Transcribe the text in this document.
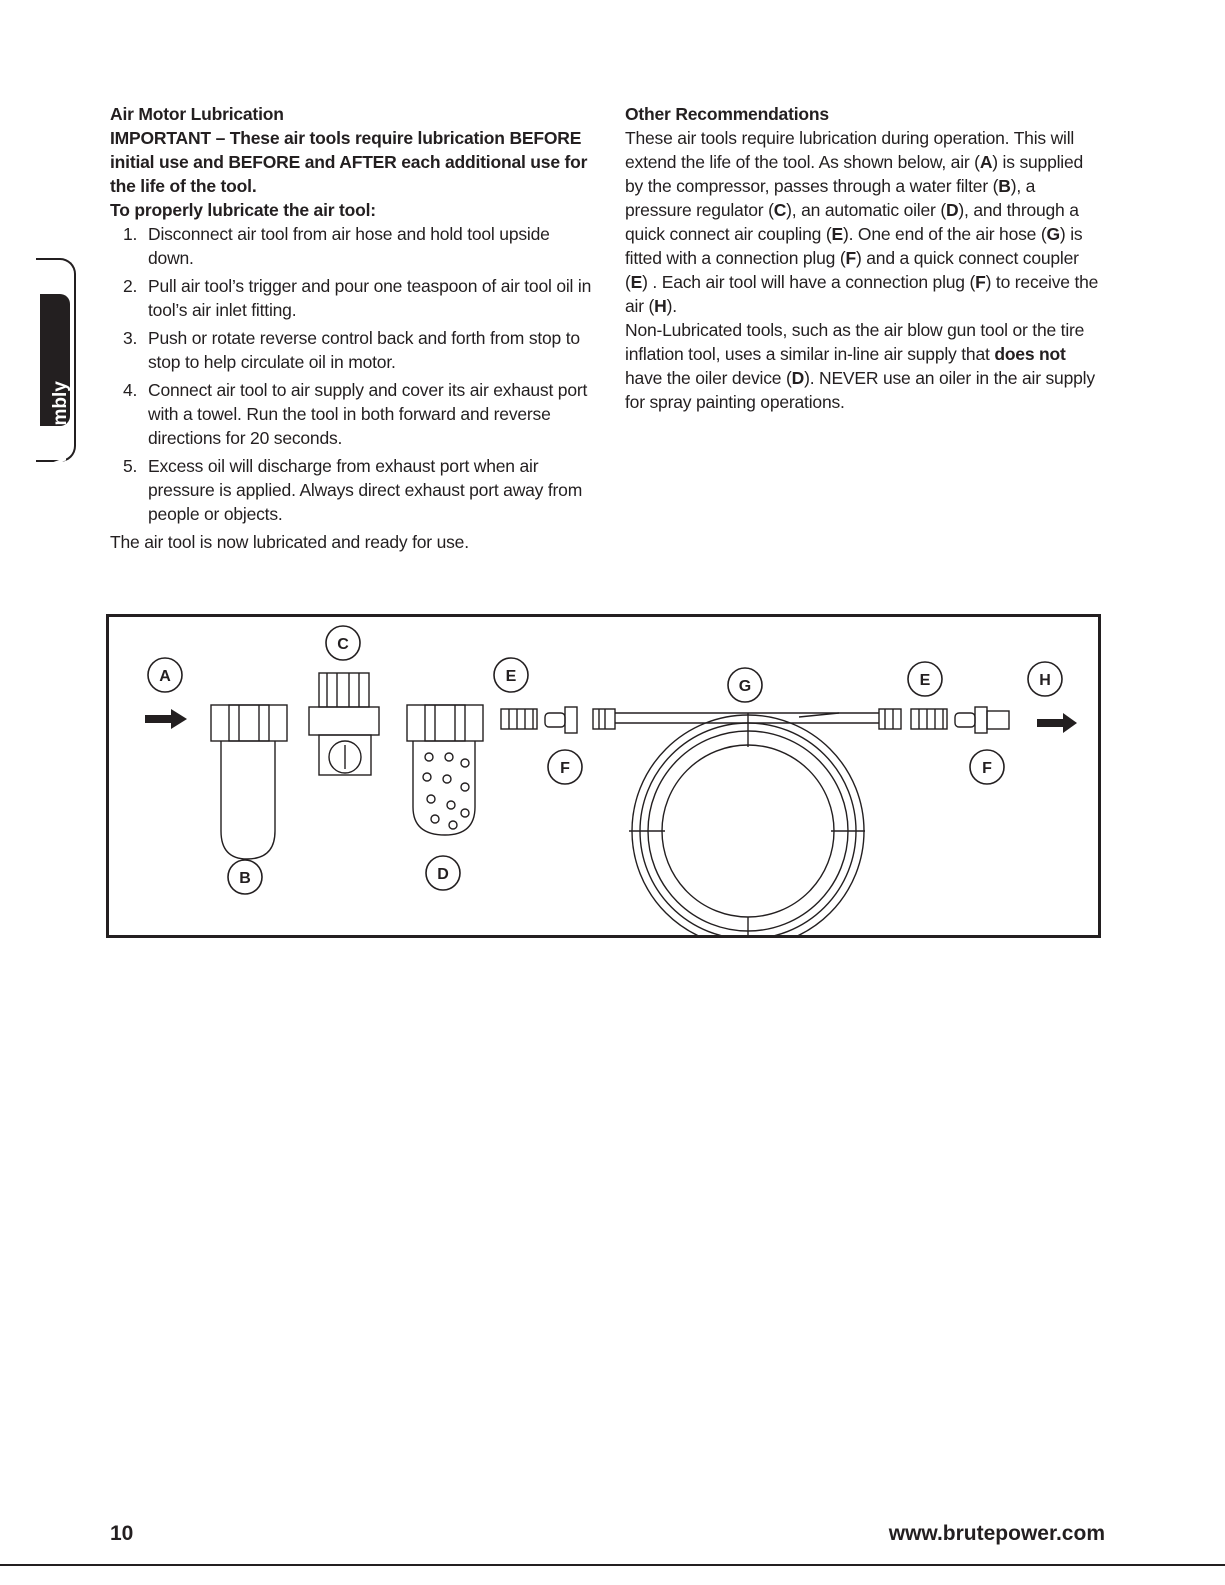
Assembly

Air Motor Lubrication

IMPORTANT – These air tools require lubrication BEFORE initial use and BEFORE and AFTER each additional use for the life of the tool.

To properly lubricate the air tool:

1. Disconnect air tool from air hose and hold tool upside down.
2. Pull air tool’s trigger and pour one teaspoon of air tool oil in tool’s air inlet fitting.
3. Push or rotate reverse control back and forth from stop to stop to help circulate oil in motor.
4. Connect air tool to air supply and cover its air exhaust port with a towel. Run the tool in both forward and reverse directions for 20 seconds.
5. Excess oil will discharge from exhaust port when air pressure is applied. Always direct exhaust port away from people or objects.

The air tool is now lubricated and ready for use.

Other Recommendations

These air tools require lubrication during operation. This will extend the life of the tool. As shown below, air (A) is supplied by the compressor, passes through a water filter (B), a pressure regulator (C), an automatic oiler (D), and through a quick connect air coupling (E). One end of the air hose (G) is fitted with a connection plug (F) and a quick connect coupler (E) . Each air tool will have a connection plug (F) to receive the air (H).

Non-Lubricated tools, such as the air blow gun tool or the tire inflation tool, uses a similar in-line air supply that does not have the oiler device (D). NEVER use an oiler in the air supply for spray painting operations.

A
B
C
D
E
F
G	E
F
H
10	www.brutepower.com
